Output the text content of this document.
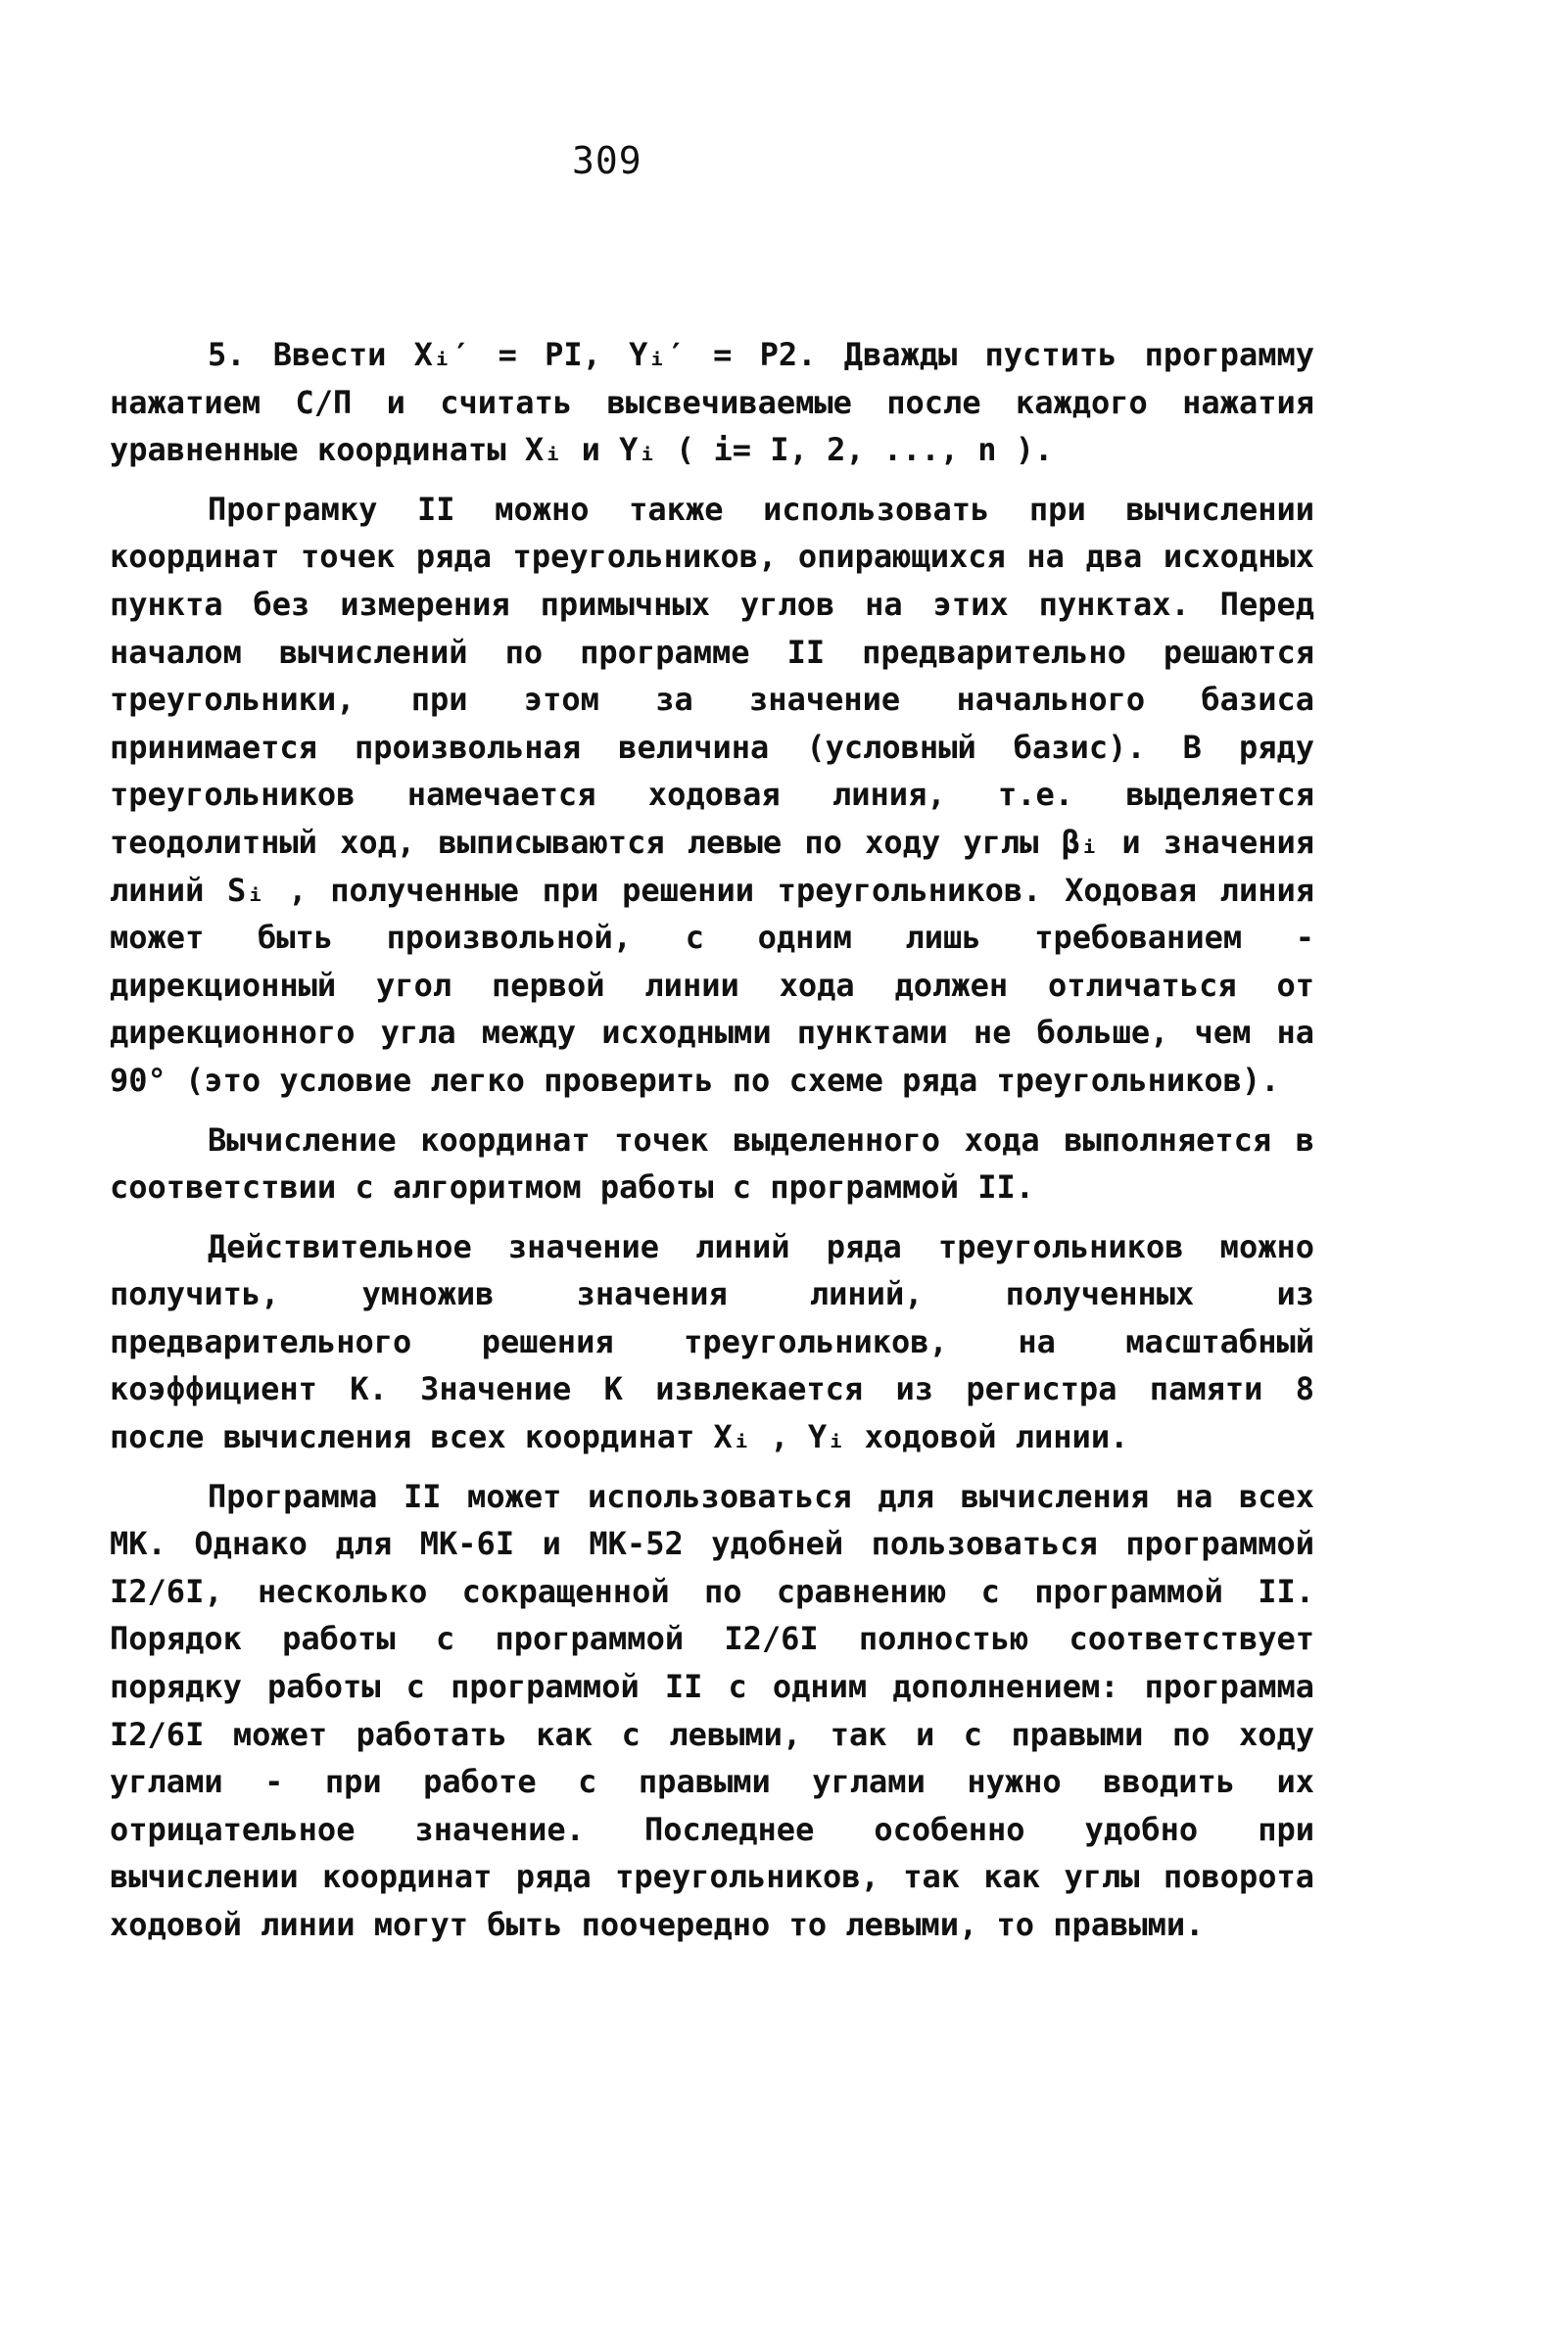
309

5. Ввести Xᵢ′ = PI, Yᵢ′ = P2. Дважды пустить программу нажатием С/П и считать высвечиваемые после каждого нажатия уравненные координаты Xᵢ и Yᵢ ( i= I, 2, ..., n ).

Програмку II можно также использовать при вычислении координат точек ряда треугольников, опирающихся на два исходных пункта без измерения примычных углов на этих пунктах. Перед началом вычислений по программе II предварительно решаются треугольники, при этом за значение начального базиса принимается произвольная величина (условный базис). В ряду треугольников намечается ходовая линия, т.е. выделяется теодолитный ход, выписываются левые по ходу углы βᵢ и значения линий Sᵢ , полученные при решении треугольников. Ходовая линия может быть произвольной, с одним лишь требованием - дирекционный угол первой линии хода должен отличаться от дирекционного угла между исходными пунктами не больше, чем на 90° (это условие легко проверить по схеме ряда треугольников).

Вычисление координат точек выделенного хода выполняется в соответствии с алгоритмом работы с программой II.

Действительное значение линий ряда треугольников можно получить, умножив значения линий, полученных из предварительного решения треугольников, на масштабный коэффициент K. Значение K извлекается из регистра памяти 8 после вычисления всех координат Xᵢ , Yᵢ ходовой линии.

Программа II может использоваться для вычисления на всех МК. Однако для МК-6I и МК-52 удобней пользоваться программой I2/6I, несколько сокращенной по сравнению с программой II. Порядок работы с программой I2/6I полностью соответствует порядку работы с программой II с одним дополнением: программа I2/6I может работать как с левыми, так и с правыми по ходу углами - при работе с правыми углами нужно вводить их отрицательное значение. Последнее особенно удобно при вычислении координат ряда треугольников, так как углы поворота ходовой линии могут быть поочередно то левыми, то правыми.
